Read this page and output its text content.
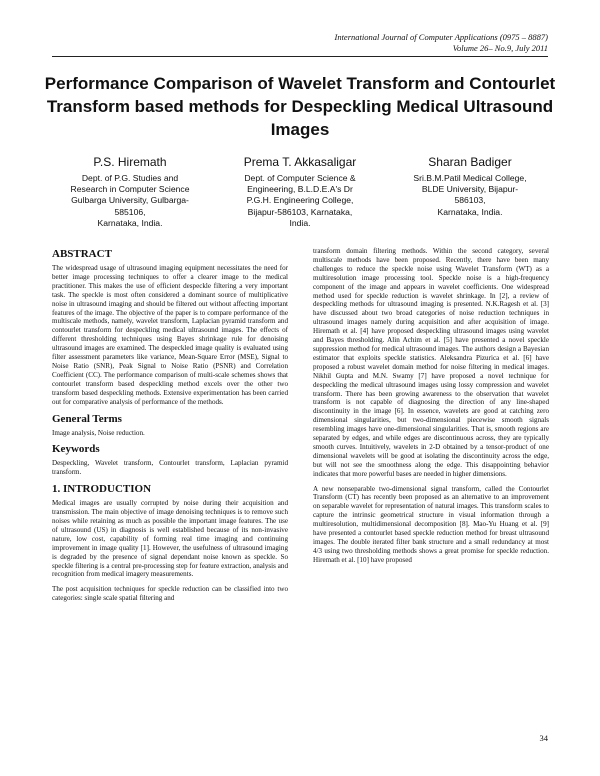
International Journal of Computer Applications (0975 – 8887)
Volume 26– No.9, July 2011
Performance Comparison of Wavelet Transform and Contourlet Transform based methods for Despeckling Medical Ultrasound Images
P.S. Hiremath
Dept. of P.G. Studies and
Research in Computer Science
Gulbarga University, Gulbarga-
585106,
Karnataka, India.
Prema T. Akkasaligar
Dept. of Computer Science &
Engineering, B.L.D.E.A's Dr
P.G.H. Engineering College,
Bijapur-586103, Karnataka,
India.
Sharan Badiger
Sri.B.M.Patil Medical College,
BLDE University, Bijapur-
586103,
Karnataka, India.
ABSTRACT

The widespread usage of ultrasound imaging equipment necessitates the need for better image processing techniques to offer a clearer image to the medical practitioner. This makes the use of efficient despeckle filtering a very important task. The speckle is most often considered a dominant source of multiplicative noise in ultrasound imaging and should be filtered out without affecting important features of the image. The objective of the paper is to compare performance of the multiscale methods, namely, wavelet transform, Laplacian pyramid transform and contourlet transform for despeckling medical ultrasound images. The effects of different thresholding techniques using Bayes shrinkage rule for denoising ultrasound images are examined. The despeckled image quality is evaluated using filter assessment parameters like variance, Mean-Square Error (MSE), Signal to Noise Ratio (SNR), Peak Signal to Noise Ratio (PSNR) and Correlation Coefficient (CC). The performance comparison of multi-scale schemes shows that contourlet transform based despeckling method excels over the other two transform based despeckling methods. Extensive experimentation has been carried out for comparative analysis of performance of the methods.

General Terms

Image analysis, Noise reduction.

Keywords

Despeckling, Wavelet transform, Contourlet transform, Laplacian pyramid transform.

1. INTRODUCTION

Medical images are usually corrupted by noise during their acquisition and transmission. The main objective of image denoising techniques is to remove such noises while retaining as much as possible the important image features. The use of ultrasound (US) in diagnosis is well established because of its non-invasive nature, low cost, capability of forming real time imaging and continuing improvement in image quality [1]. However, the usefulness of ultrasound imaging is degraded by the presence of signal dependant noise known as speckle. So speckle filtering is a central pre-processing step for feature extraction, analysis and recognition from medical imagery measurements.

The post acquisition techniques for speckle reduction can be classified into two categories: single scale spatial filtering and

transform domain filtering methods. Within the second category, several multiscale methods have been proposed. Recently, there have been many challenges to reduce the speckle noise using Wavelet Transform (WT) as a multiresolution image processing tool. Speckle noise is a high-frequency component of the image and appears in wavelet coefficients. One widespread method used for speckle reduction is wavelet shrinkage. In [2], a review of despeckling methods for ultrasound imaging is presented. N.K.Ragesh et al. [3] have discussed about two broad categories of noise reduction techniques in ultrasound images namely during acquisition and after acquisition of image. Hiremath et al. [4] have proposed despeckling ultrasound images using wavelet and Bayes thresholding. Alin Achim et al. [5] have presented a novel speckle suppression method for medical ultrasound images. The authors design a Bayesian estimator that exploits speckle statistics. Aleksandra Pizurica et al. [6] have proposed a robust wavelet domain method for noise filtering in medical images. Nikhil Gupta and M.N. Swamy [7] have proposed a novel technique for despeckling the medical ultrasound images using lossy compression and wavelet transform. There has been growing awareness to the observation that wavelet transform is not capable of diagnosing the direction of any line-shaped discontinuity in the image [6]. In essence, wavelets are good at catching zero dimensional singularities, but two-dimensional piecewise smooth signals resembling images have one-dimensional singularities. That is, smooth regions are separated by edges, and while edges are discontinuous across, they are typically smooth curves. Intuitively, wavelets in 2-D obtained by a tensor-product of one dimensional wavelets will be good at isolating the discontinuity across the edge, but will not see the smoothness along the edge. This disappointing behavior indicates that more powerful bases are needed in higher dimensions.

A new nonseparable two-dimensional signal transform, called the Contourlet Transform (CT) has recently been proposed as an alternative to an improvement on separable wavelet for representation of natural images. This transform scales to capture the intrinsic geometrical structure in visual information through a multiresolution, multidimensional decomposition [8]. Mao-Yu Huang et al. [9] have presented a contourlet based speckle reduction method for breast ultrasound images. The double iterated filter bank structure and a small redundancy at most 4/3 using two thresholding methods shows a great promise for speckle reduction. Hiremath et al. [10] have proposed

34
